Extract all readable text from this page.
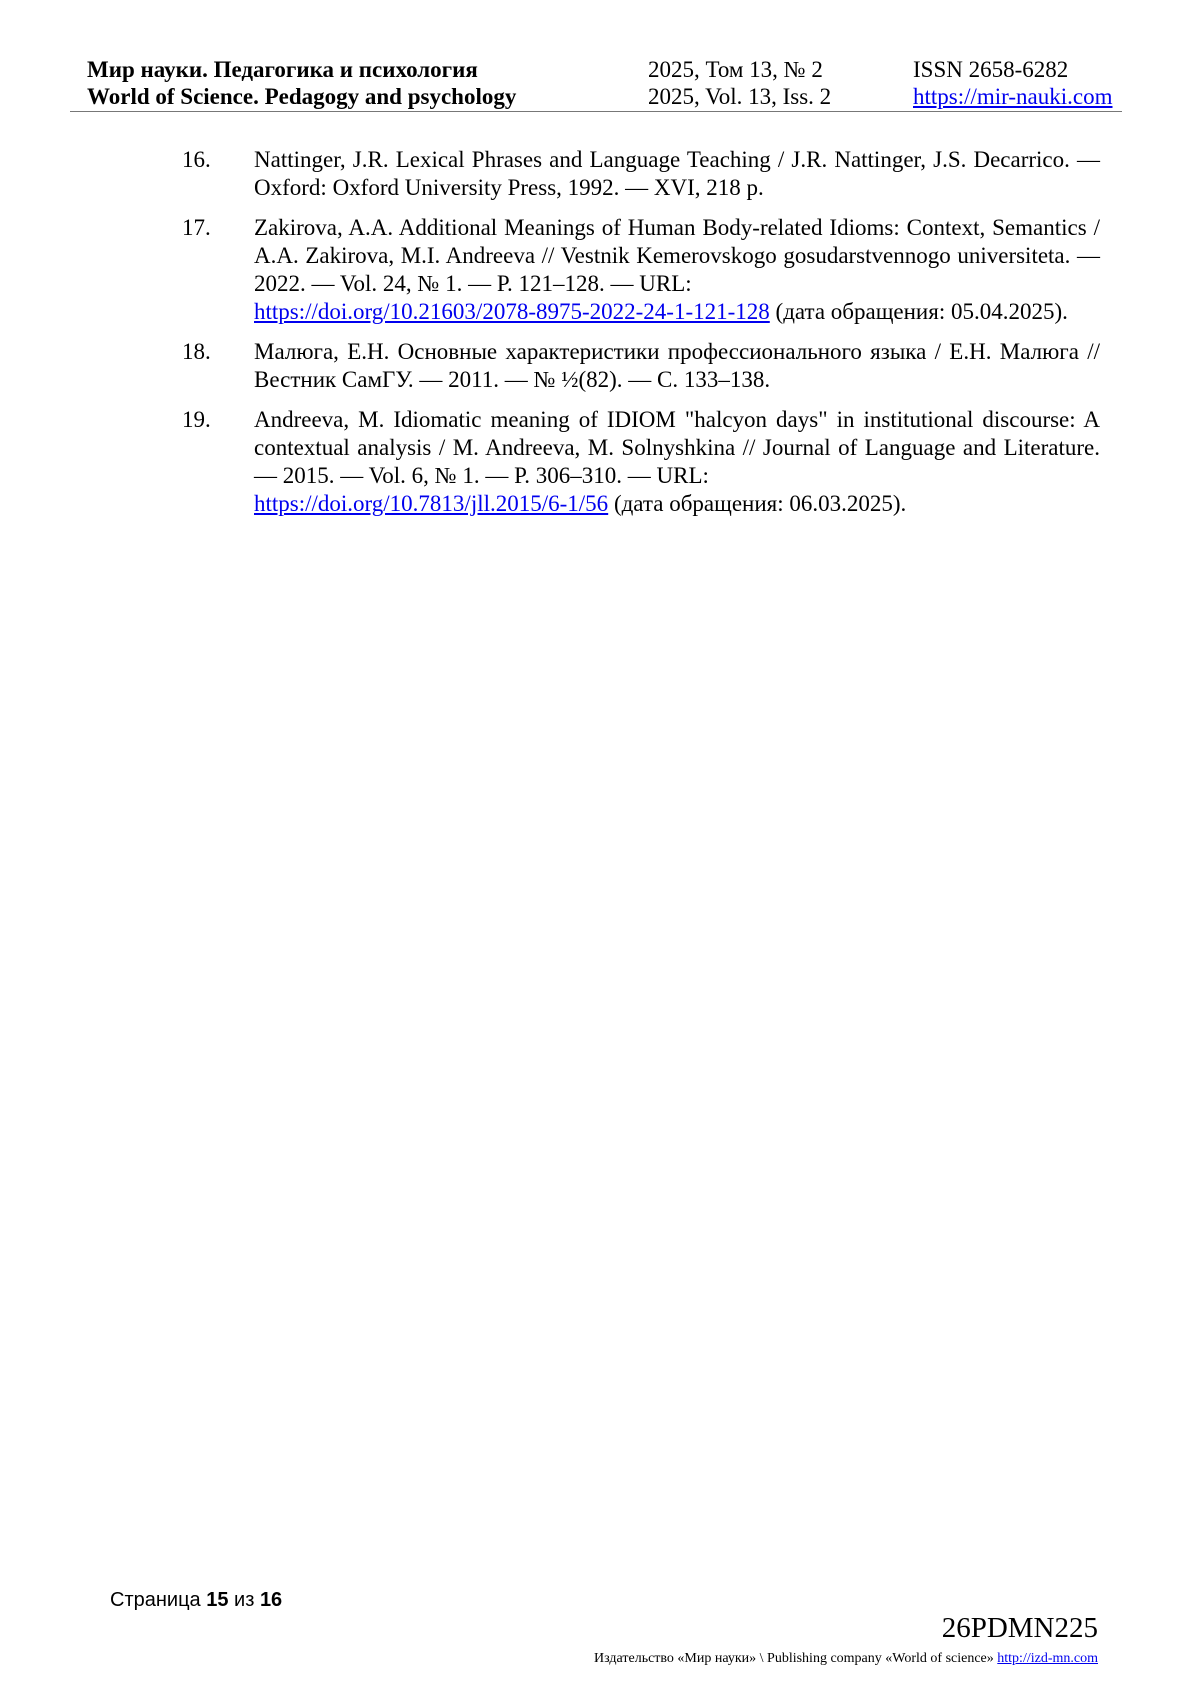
Мир науки. Педагогика и психология
World of Science. Pedagogy and psychology
2025, Том 13, № 2
2025, Vol. 13, Iss. 2
ISSN 2658-6282
https://mir-nauki.com
16. Nattinger, J.R. Lexical Phrases and Language Teaching / J.R. Nattinger, J.S. Decarrico. — Oxford: Oxford University Press, 1992. — XVI, 218 p.
17. Zakirova, A.A. Additional Meanings of Human Body-related Idioms: Context, Semantics / A.A. Zakirova, M.I. Andreeva // Vestnik Kemerovskogo gosudarstvennogo universiteta. — 2022. — Vol. 24, № 1. — P. 121–128. — URL:
https://doi.org/10.21603/2078-8975-2022-24-1-121-128 (дата обращения: 05.04.2025).
18. Малюга, Е.Н. Основные характеристики профессионального языка / Е.Н. Малюга // Вестник СамГУ. — 2011. — № ½(82). — С. 133–138.
19. Andreeva, M. Idiomatic meaning of IDIOM "halcyon days" in institutional discourse: A contextual analysis / M. Andreeva, M. Solnyshkina // Journal of Language and Literature. — 2015. — Vol. 6, № 1. — P. 306–310. — URL:
https://doi.org/10.7813/jll.2015/6-1/56 (дата обращения: 06.03.2025).
Страница 15 из 16
26PDMN225
Издательство «Мир науки» \ Publishing company «World of science» http://izd-mn.com
